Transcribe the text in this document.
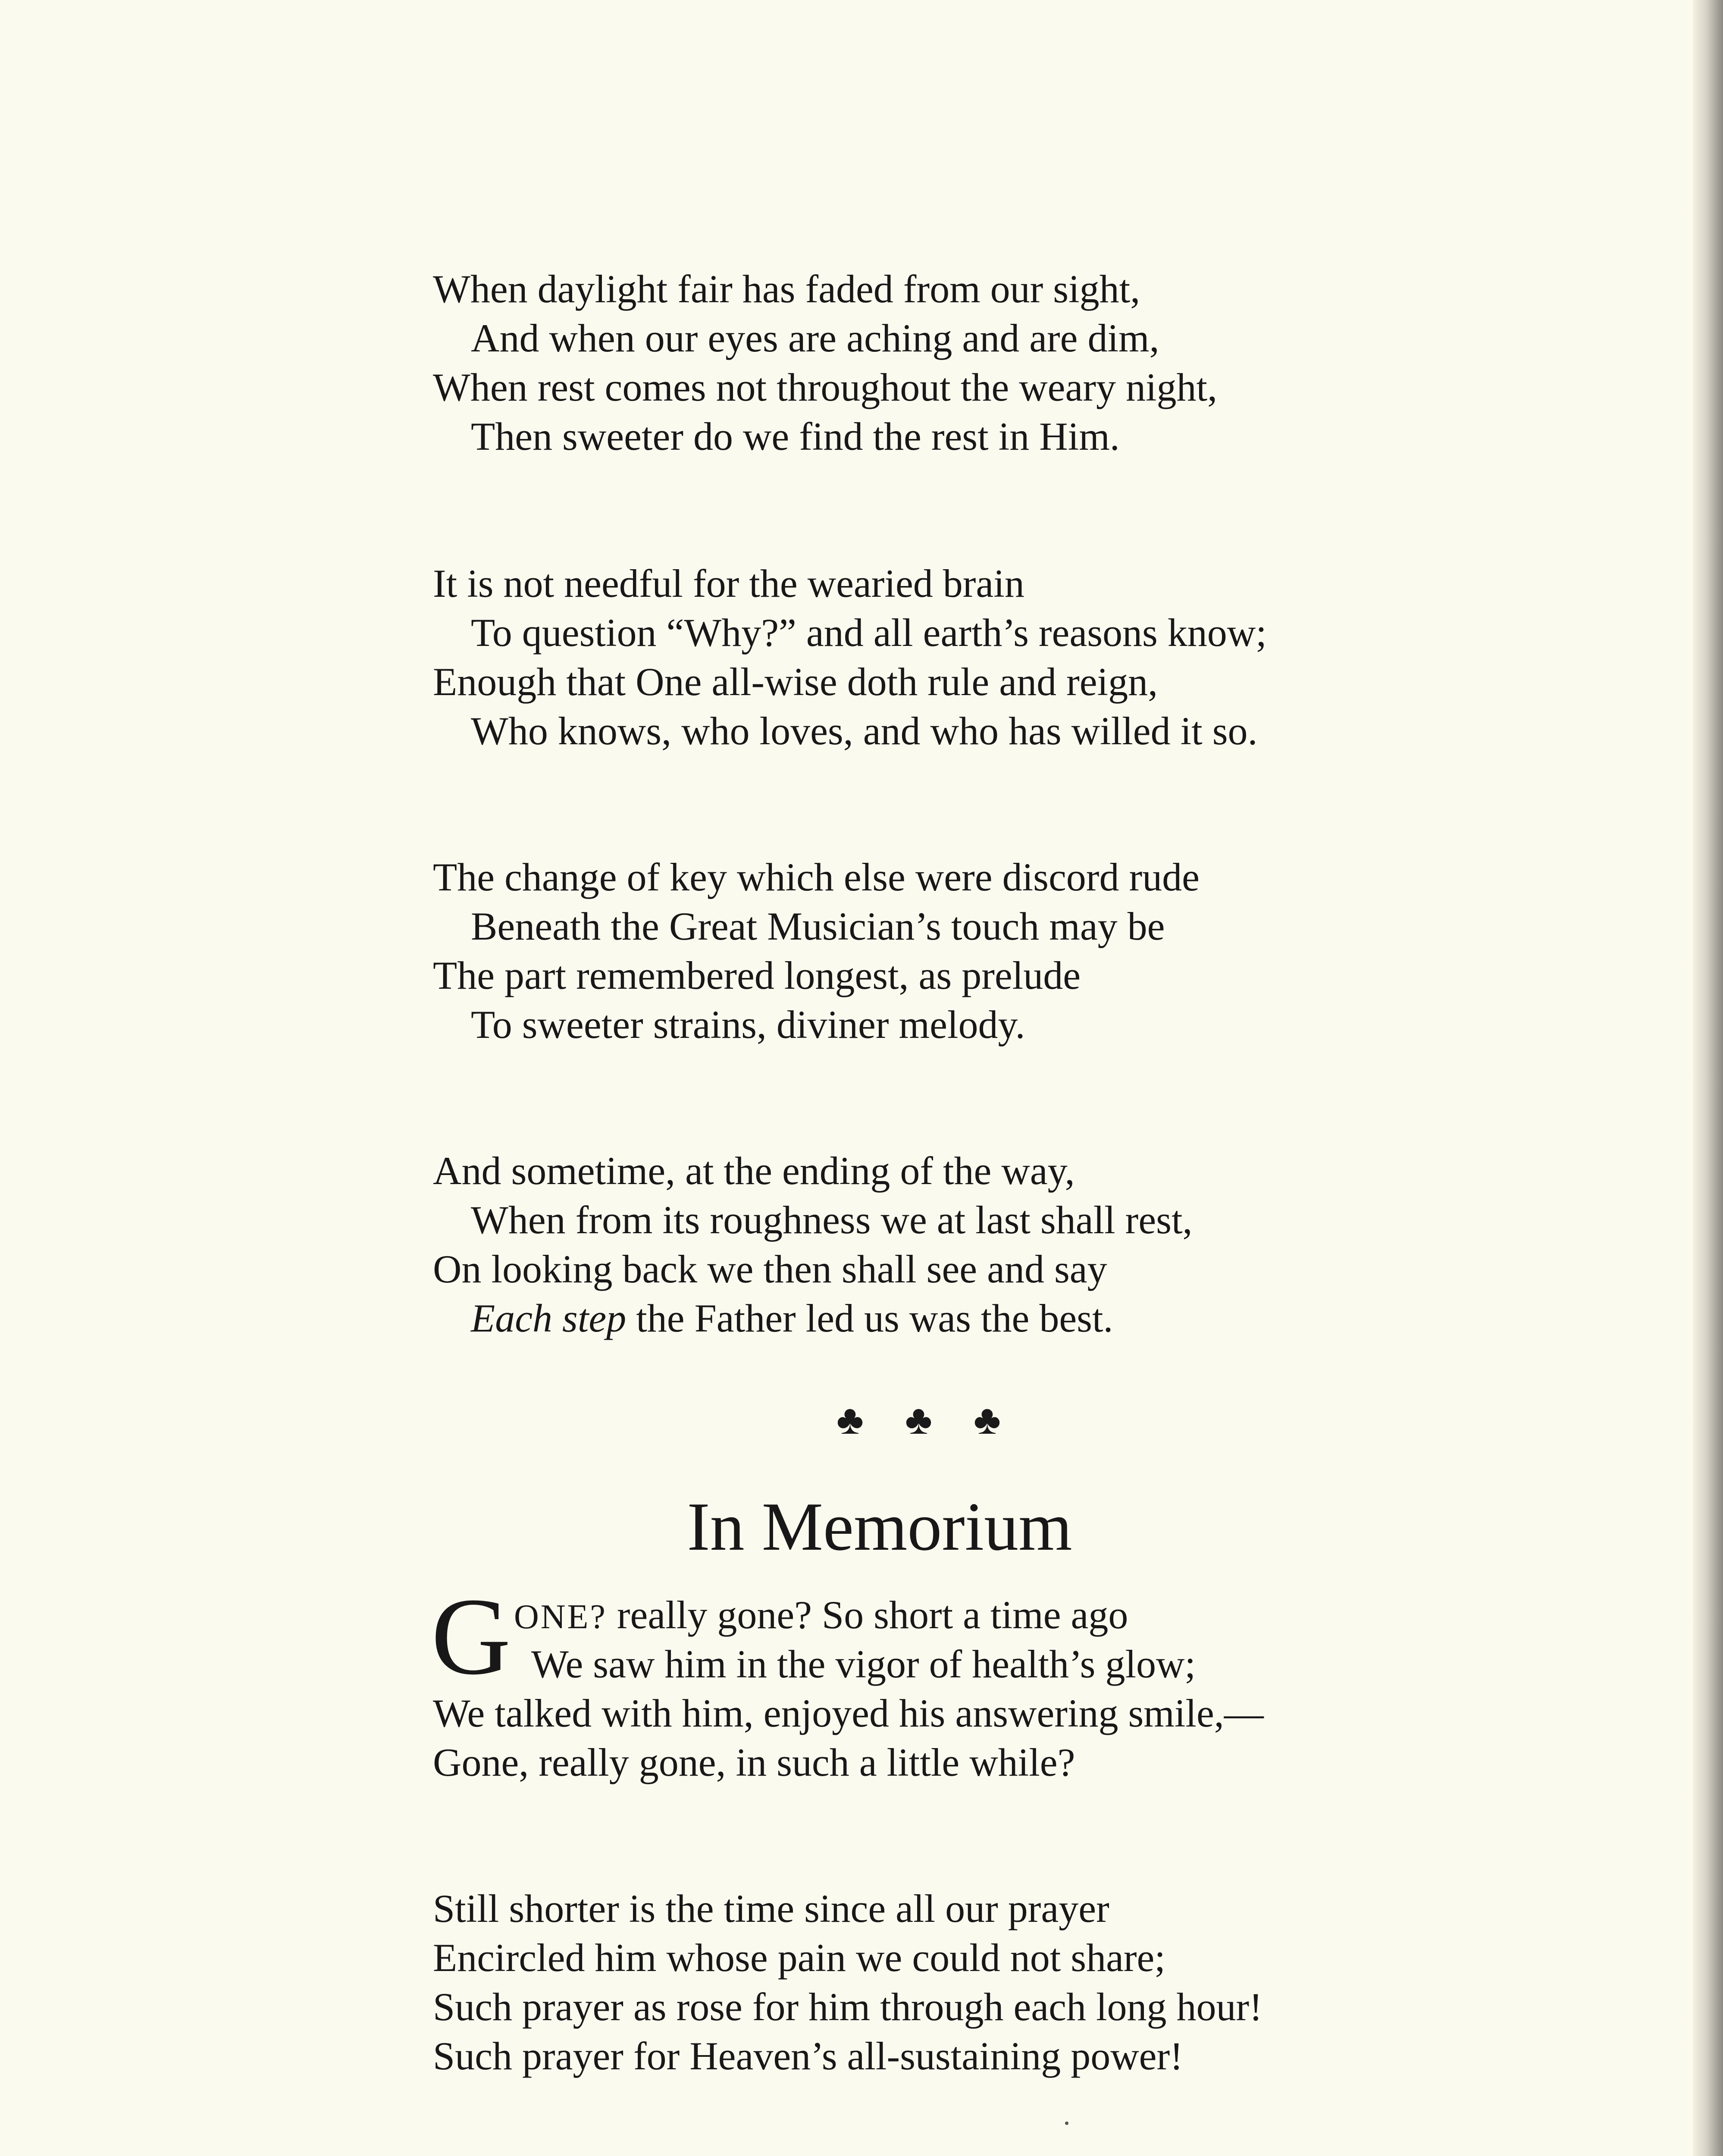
When daylight fair has faded from our sight,
And when our eyes are aching and are dim,
When rest comes not throughout the weary night,
Then sweeter do we find the rest in Him.
It is not needful for the wearied brain
To question “Why?” and all earth’s reasons know;
Enough that One all-wise doth rule and reign,
Who knows, who loves, and who has willed it so.
The change of key which else were discord rude
Beneath the Great Musician’s touch may be
The part remembered longest, as prelude
To sweeter strains, diviner melody.
And sometime, at the ending of the way,
When from its roughness we at last shall rest,
On looking back we then shall see and say
Each step the Father led us was the best.
♣♣♣
In Memorium
G ONE? really gone? So short a time ago
We saw him in the vigor of health’s glow;
We talked with him, enjoyed his answering smile,—
Gone, really gone, in such a little while?
Still shorter is the time since all our prayer
Encircled him whose pain we could not share;
Such prayer as rose for him through each long hour!
Such prayer for Heaven’s all-sustaining power!
